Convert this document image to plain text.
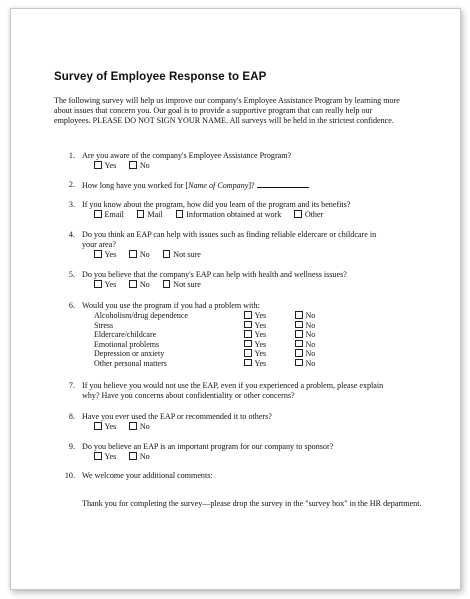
Survey of Employee Response to EAP
The following survey will help us improve our company's Employee Assistance Program by learning more about issues that concern you. Our goal is to provide a supportive program that can really help our employees. PLEASE DO NOT SIGN YOUR NAME. All surveys will be held in the strictest confidence.
1. Are you aware of the company's Employee Assistance Program?
Yes	No
2. How long have you worked for [Name of Company]?
3. If you know about the program, how did you learn of the program and its benefits?
Email	Mail	Information obtained at work	Other
4. Do you think an EAP can help with issues such as finding reliable eldercare or childcare in your area?
Yes	No	Not sure
5. Do you believe that the company's EAP can help with health and wellness issues?
Yes	No	Not sure
6. Would you use the program if you had a problem with:
Alcoholism/drug dependence	Yes	No
Stress	Yes	No
Eldercare/childcare	Yes	No
Emotional problems	Yes	No
Depression or anxiety	Yes	No
Other personal matters	Yes	No
7. If you believe you would not use the EAP, even if you experienced a problem, please explain why? Have you concerns about confidentiality or other concerns?
8. Have you ever used the EAP or recommended it to others?
Yes	No
9. Do you believe an EAP is an important program for our company to sponsor?
Yes	No
10. We welcome your additional comments:
Thank you for completing the survey—please drop the survey in the "survey box" in the HR department.
